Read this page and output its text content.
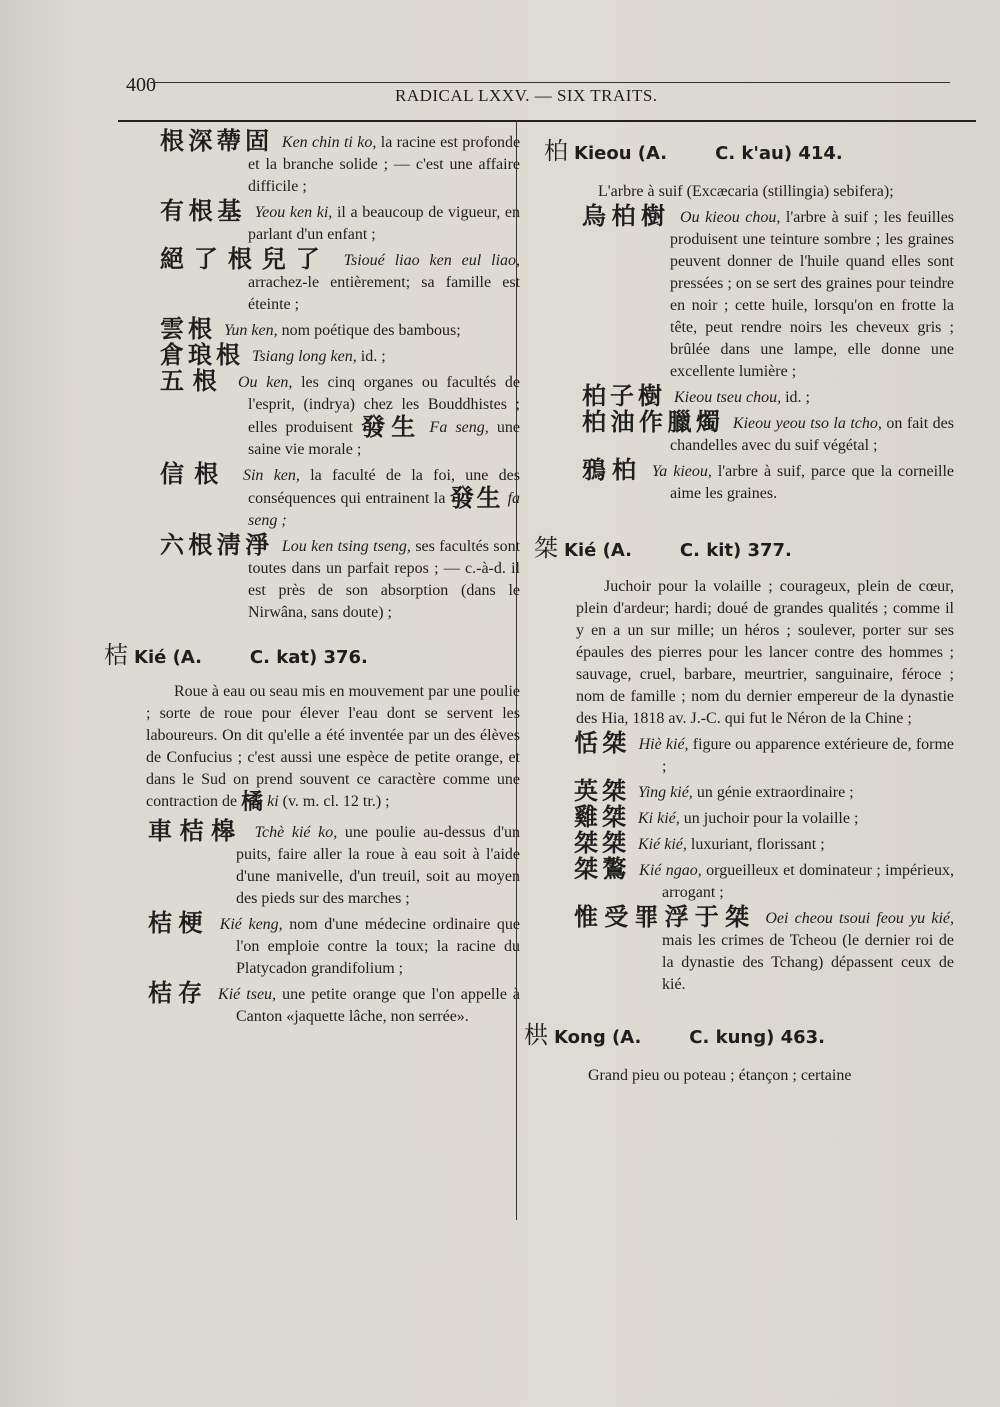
400	RADICAL LXXV. — SIX TRAITS.
根深蔕固 Ken chin ti ko, la racine est profonde et la branche solide ; — c'est une affaire difficile ;
有根基 Yeou ken ki, il a beaucoup de vigueur, en parlant d'un enfant ;
絕了根兒了 Tsioué liao ken eul liao, arrachez-le entièrement; sa famille est éteinte ;
雲根 Yun ken, nom poétique des bambous;
倉琅根 Tsiang long ken, id. ;
五根 Ou ken, les cinq organes ou facultés de l'esprit, (indrya) chez les Bouddhistes ; elles produisent 發生 Fa seng, une saine vie morale ;
信根 Sin ken, la faculté de la foi, une des conséquences qui entrainent la 發生 fa seng ;
六根淸淨 Lou ken tsing tseng, ses facultés sont toutes dans un parfait repos ; — c.-à-d. il est près de son absorption (dans le Nirwâna, sans doute) ;
桔 Kié (A.	C. kat) 376.
Roue à eau ou seau mis en mouvement par une poulie ; sorte de roue pour élever l'eau dont se servent les laboureurs. On dit qu'elle a été inventée par un des élèves de Confucius ; c'est aussi une espèce de petite orange, et dans le Sud on prend souvent ce caractère comme une contraction de 橘 ki (v. m. cl. 12 tr.) ;
車桔槔 Tchè kié ko, une poulie au-dessus d'un puits, faire aller la roue à eau soit à l'aide d'une manivelle, d'un treuil, soit au moyen des pieds sur des marches ;
桔梗 Kié keng, nom d'une médecine ordinaire que l'on emploie contre la toux; la racine du Platycadon grandifolium ;
桔存 Kié tseu, une petite orange que l'on appelle à Canton «jaquette lâche, non serrée».
柏 Kieou (A.	C. k'au) 414.
L'arbre à suif (Excæcaria (stillingia) sebifera);
烏柏樹 Ou kieou chou, l'arbre à suif ; les feuilles produisent une teinture sombre ; les graines peuvent donner de l'huile quand elles sont pressées ; on se sert des graines pour teindre en noir ; cette huile, lorsqu'on en frotte la tête, peut rendre noirs les cheveux gris ; brûlée dans une lampe, elle donne une excellente lumière ;
柏子樹 Kieou tseu chou, id. ;
柏油作臘燭 Kieou yeou tso la tcho, on fait des chandelles avec du suif végétal ;
鴉柏 Ya kieou, l'arbre à suif, parce que la corneille aime les graines.
桀 Kié (A.	C. kit) 377.
Juchoir pour la volaille ; courageux, plein de cœur, plein d'ardeur; hardi; doué de grandes qualités ; comme il y en a un sur mille; un héros ; soulever, porter sur ses épaules des pierres pour les lancer contre des hommes ; sauvage, cruel, barbare, meurtrier, sanguinaire, féroce ; nom de famille ; nom du dernier empereur de la dynastie des Hia, 1818 av. J.-C. qui fut le Néron de la Chine ;
恬桀 Hiè kié, figure ou apparence extérieure de, forme ;
英桀 Ying kié, un génie extraordinaire ;
雞桀 Ki kié, un juchoir pour la volaille ;
桀桀 Kié kié, luxuriant, florissant ;
桀鷔 Kié ngao, orgueilleux et dominateur ; impérieux, arrogant ;
惟受罪浮于桀 Oei cheou tsoui feou yu kié, mais les crimes de Tcheou (le dernier roi de la dynastie des Tchang) dépassent ceux de kié.
栱 Kong (A.	C. kung) 463.
Grand pieu ou poteau ; étançon ; certaine
